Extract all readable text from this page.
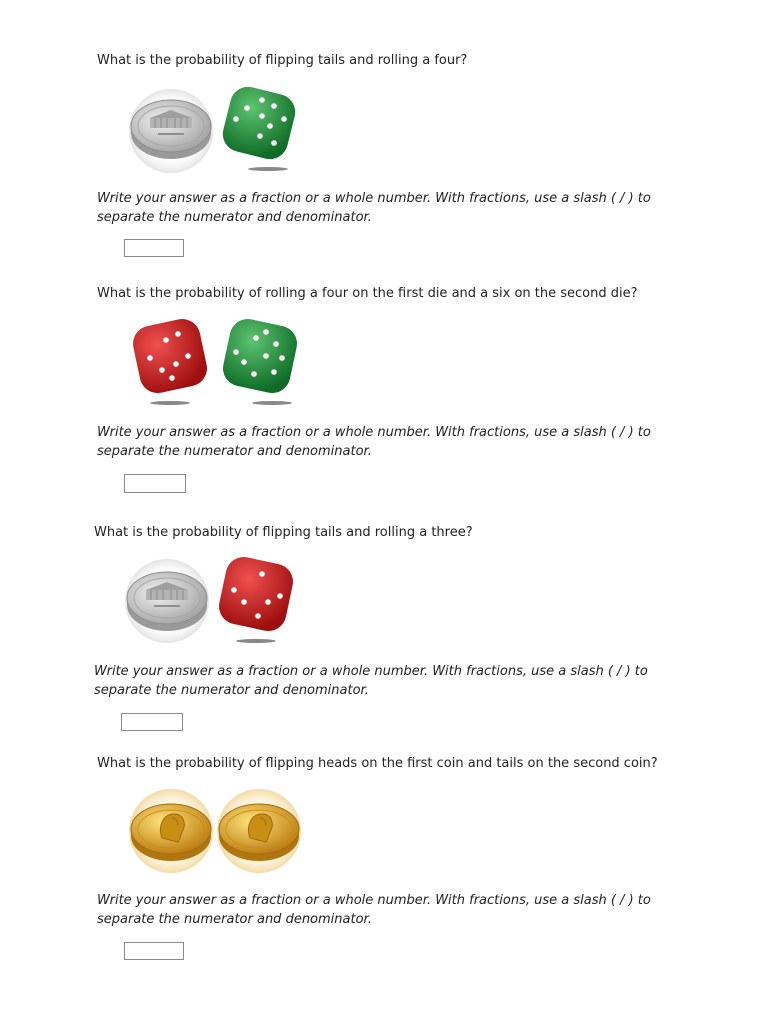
What is the probability of flipping tails and rolling a four?
Write your answer as a fraction or a whole number. With fractions, use a slash ( / ) to
separate the numerator and denominator.
What is the probability of rolling a four on the first die and a six on the second die?
Write your answer as a fraction or a whole number. With fractions, use a slash ( / ) to
separate the numerator and denominator.
What is the probability of flipping tails and rolling a three?
Write your answer as a fraction or a whole number. With fractions, use a slash ( / ) to
separate the numerator and denominator.
What is the probability of flipping heads on the first coin and tails on the second coin?
Write your answer as a fraction or a whole number. With fractions, use a slash ( / ) to
separate the numerator and denominator.
